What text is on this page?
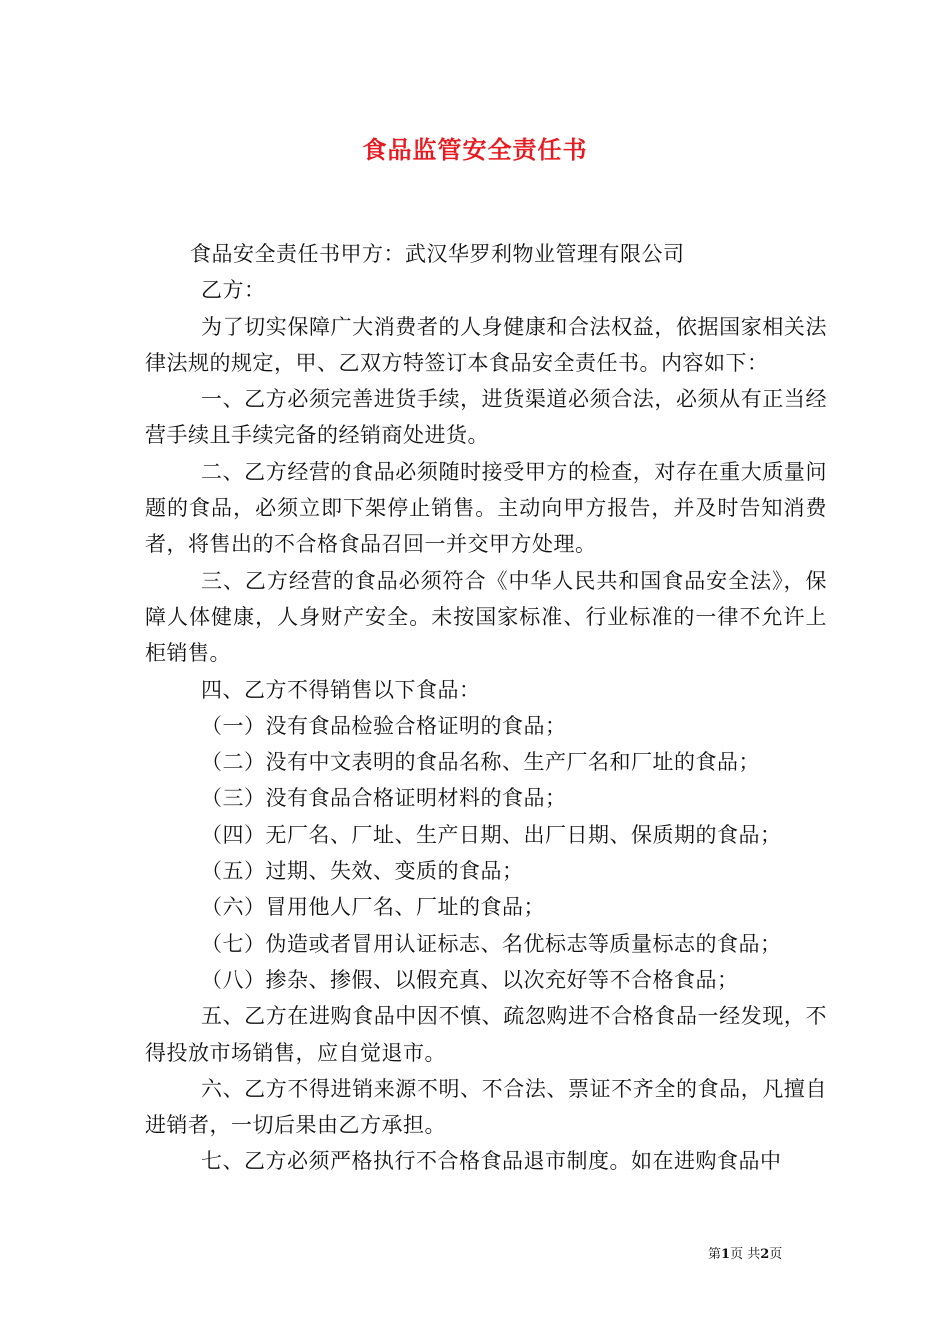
食品监管安全责任书

食品安全责任书甲方：武汉华罗利物业管理有限公司

乙方：

为了切实保障广大消费者的人身健康和合法权益，依据国家相关法律法规的规定，甲、乙双方特签订本食品安全责任书。内容如下：

一、乙方必须完善进货手续，进货渠道必须合法，必须从有正当经营手续且手续完备的经销商处进货。

二、乙方经营的食品必须随时接受甲方的检查，对存在重大质量问题的食品，必须立即下架停止销售。主动向甲方报告，并及时告知消费者，将售出的不合格食品召回一并交甲方处理。

三、乙方经营的食品必须符合《中华人民共和国食品安全法》，保障人体健康，人身财产安全。未按国家标准、行业标准的一律不允许上柜销售。

四、乙方不得销售以下食品：

（一）没有食品检验合格证明的食品；

（二）没有中文表明的食品名称、生产厂名和厂址的食品；

（三）没有食品合格证明材料的食品；

（四）无厂名、厂址、生产日期、出厂日期、保质期的食品；

（五）过期、失效、变质的食品；

（六）冒用他人厂名、厂址的食品；

（七）伪造或者冒用认证标志、名优标志等质量标志的食品；

（八）掺杂、掺假、以假充真、以次充好等不合格食品；

五、乙方在进购食品中因不慎、疏忽购进不合格食品一经发现，不得投放市场销售，应自觉退市。

六、乙方不得进销来源不明、不合法、票证不齐全的食品，凡擅自进销者，一切后果由乙方承担。

七、乙方必须严格执行不合格食品退市制度。如在进购食品中

第1页 共2页
